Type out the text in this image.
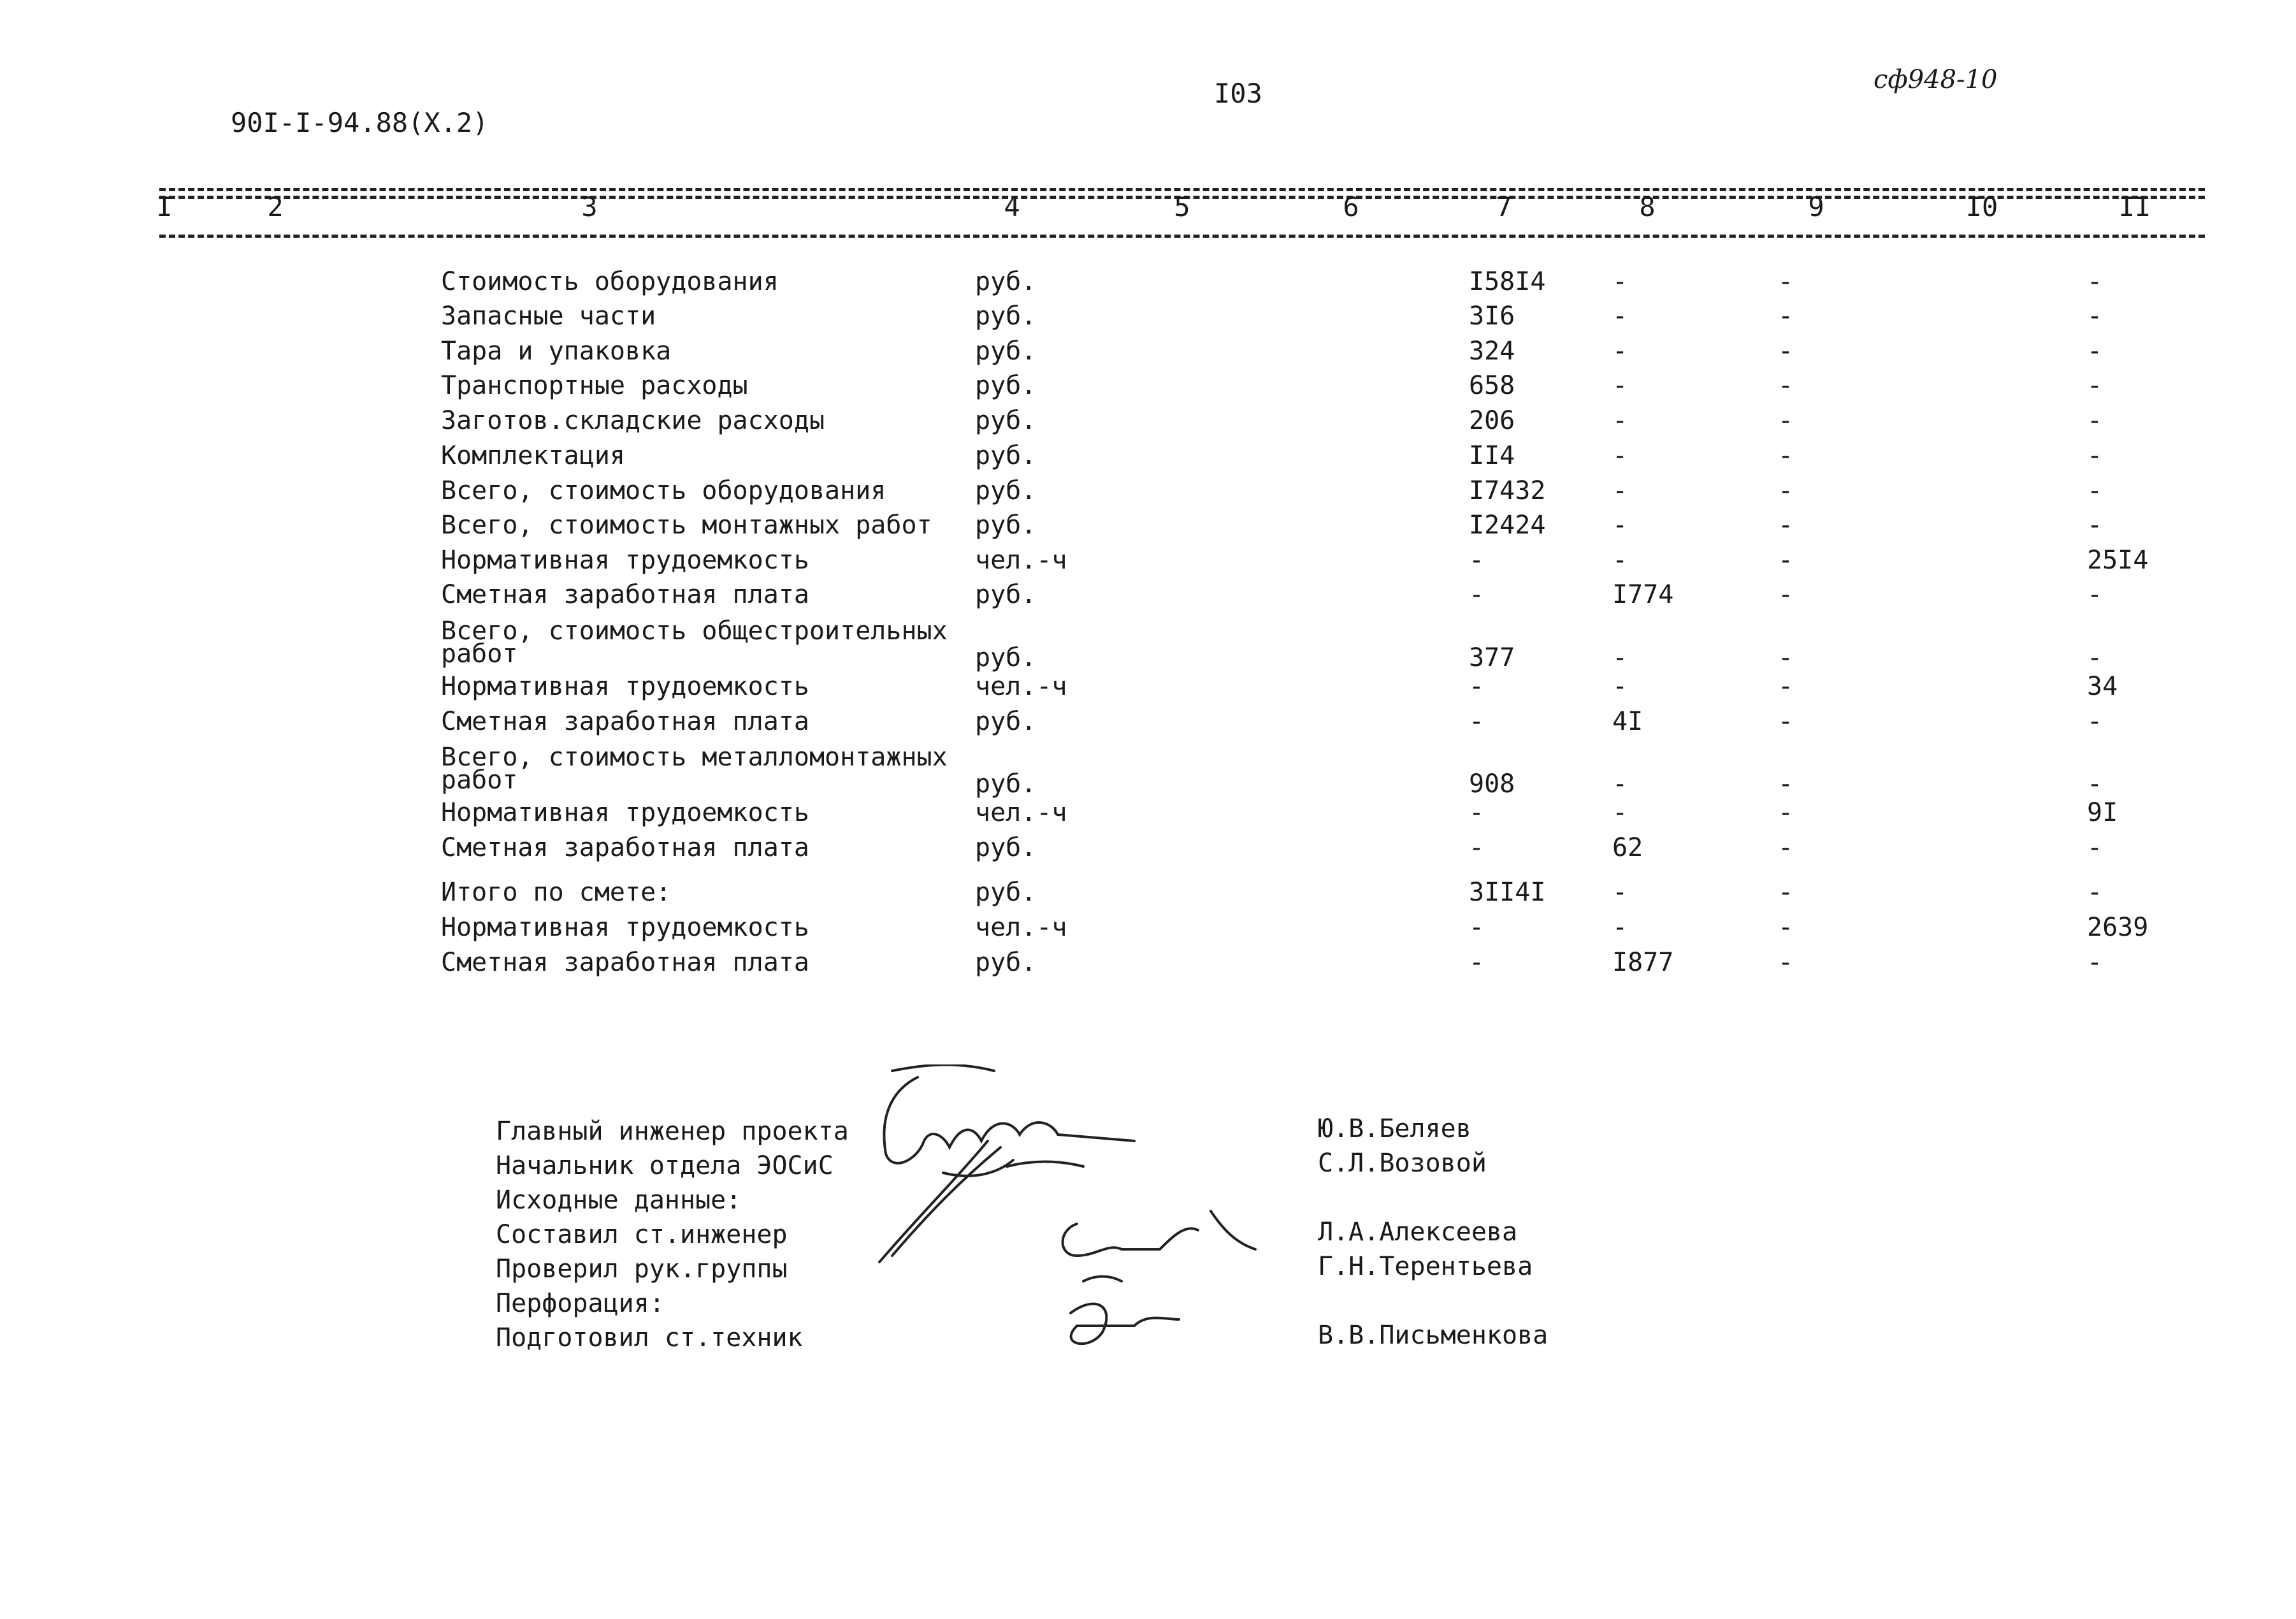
90I-I-94.88(X.2)
I03	сф948-10
I	2	3	4	5	6	7	8	9	I0	II
Стоимость оборудования	руб.	I58I4	-	-	-
Запасные части	руб.	3I6	-	-	-
Тара и упаковка	руб.	324	-	-	-
Транспортные расходы	руб.	658	-	-	-
Заготов.складские расходы	руб.	206	-	-	-
Комплектация	руб.	II4	-	-	-
Всего, стоимость оборудования	руб.	I7432	-	-	-
Всего, стоимость монтажных работ руб.	I2424	-	-	-
Нормативная трудоемкость	чел.-ч	-	-	-	25I4
Сметная заработная плата	руб.	-	I774	-	-
Всего, стоимость общестроительных
работ	руб.	377	-	-	-
Нормативная трудоемкость	чел.-ч	-	-	-	34
Сметная заработная плата	руб.	-	4I	-	-
Всего, стоимость металломонтажных
работ	руб.	908	-	-	-
Нормативная трудоемкость	чел.-ч	-	-	-	9I
Сметная заработная плата	руб.	-	62	-	-
Итого по смете:	руб.	3II4I	-	-	-
Нормативная трудоемкость	чел.-ч	-	-	-	2639
Сметная заработная плата	руб.	-	I877	-	-
Главный инженер проекта	Ю.В.Беляев
Начальник отдела ЭОСиС	С.Л.Возовой
Исходные данные:
Составил ст.инженер	Л.А.Алексеева
Проверил рук.группы	Г.Н.Терентьева
Перфорация:
Подготовил ст.техник	В.В.Письменкова
